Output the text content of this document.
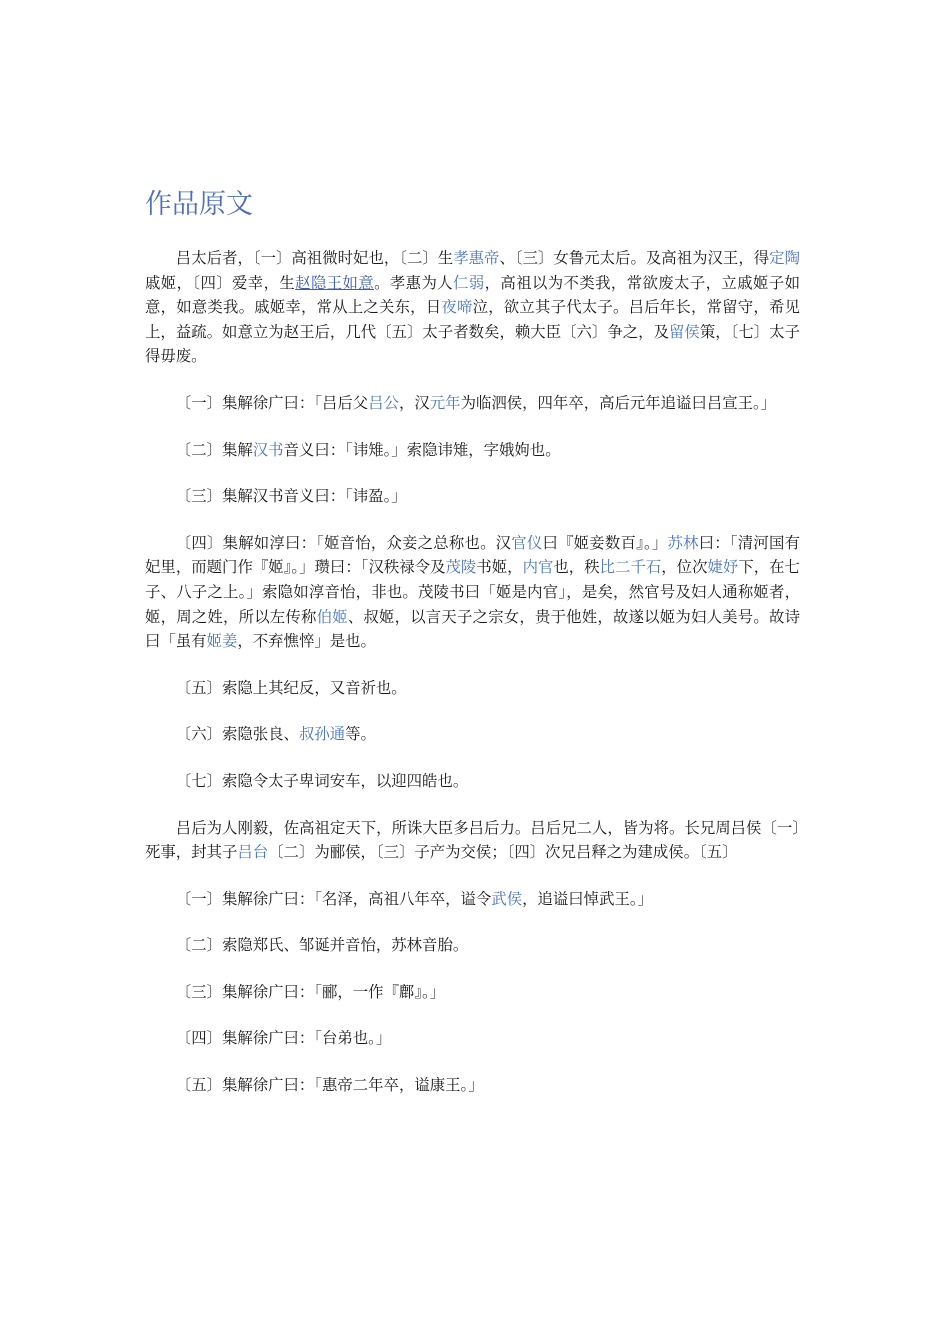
作品原文

吕太后者，〔一〕高祖微时妃也，〔二〕生孝惠帝、〔三〕女鲁元太后。及高祖为汉王，得定陶戚姬，〔四〕爱幸，生赵隐王如意。孝惠为人仁弱，高祖以为不类我，常欲废太子，立戚姬子如意，如意类我。戚姬幸，常从上之关东，日夜啼泣，欲立其子代太子。吕后年长，常留守，希见上，益疏。如意立为赵王后，几代〔五〕太子者数矣，赖大臣〔六〕争之，及留侯策，〔七〕太子得毋废。

〔一〕集解徐广曰：「吕后父吕公，汉元年为临泗侯，四年卒，高后元年追谥曰吕宣王。」

〔二〕集解汉书音义曰：「讳雉。」索隐讳雉，字娥姁也。

〔三〕集解汉书音义曰：「讳盈。」

〔四〕集解如淳曰：「姬音怡，众妾之总称也。汉官仪曰『姬妾数百』。」苏林曰：「清河国有妃里，而题门作『姬』。」瓒曰：「汉秩禄令及茂陵书姬，内官也，秩比二千石，位次婕妤下，在七子、八子之上。」索隐如淳音怡，非也。茂陵书曰「姬是内官」，是矣，然官号及妇人通称姬者，姬，周之姓，所以左传称伯姬、叔姬，以言天子之宗女，贵于他姓，故遂以姬为妇人美号。故诗曰「虽有姬姜，不弃憔悴」是也。

〔五〕索隐上其纪反，又音祈也。

〔六〕索隐张良、叔孙通等。

〔七〕索隐令太子卑词安车，以迎四皓也。

吕后为人刚毅，佐高祖定天下，所诛大臣多吕后力。吕后兄二人，皆为将。长兄周吕侯〔一〕死事，封其子吕台〔二〕为郦侯，〔三〕子产为交侯；〔四〕次兄吕释之为建成侯。〔五〕

〔一〕集解徐广曰：「名泽，高祖八年卒，谥令武侯，追谥曰悼武王。」

〔二〕索隐郑氏、邹诞并音怡，苏林音胎。

〔三〕集解徐广曰：「郦，一作『鄜』。」

〔四〕集解徐广曰：「台弟也。」

〔五〕集解徐广曰：「惠帝二年卒，谥康王。」
